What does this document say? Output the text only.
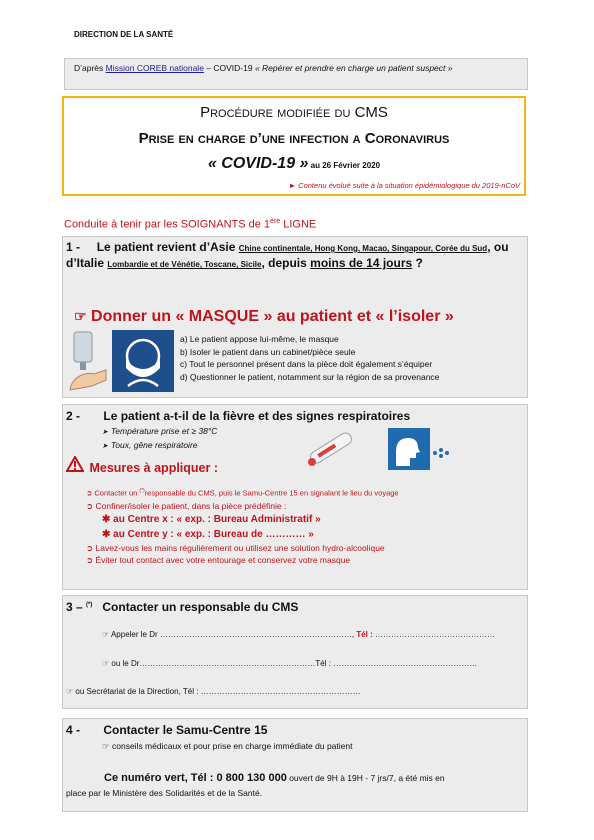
DIRECTION DE LA SANTÉ
D’après Mission COREB nationale – COVID-19 « Repérer et prendre en charge un patient suspect »
Procédure modifiée du CMS
Prise en charge d’une infection a Coronavirus
« COVID-19 » au 26 Février 2020
► Contenu évolué suite à la situation épidémiologique du 2019-nCoV
Conduite à tenir par les SOIGNANTS de 1ère LIGNE
1 - Le patient revient d’Asie Chine continentale, Hong Kong, Macao, Singapour, Corée du Sud, ou d’Italie Lombardie et de Vénétie, Toscane, Sicile, depuis moins de 14 jours ?
☞ Donner un « MASQUE » au patient et « l’isoler »
a) Le patient appose lui-même, le masque
b) Isoler le patient dans un cabinet/pièce seule
c) Tout le personnel présent dans la pièce doit également s’équiper
d) Questionner le patient, notamment sur la région de sa provenance
2 - Le patient a-t-il de la fièvre et des signes respiratoires
➤ Température prise et ≥ 38°C
➤ Toux, gêne respiratoire
Mesures à appliquer :
➲ Contacter un (*)responsable du CMS, puis le Samu-Centre 15 en signalant le lieu du voyage
➲ Confiner/isoler le patient, dans la pièce prédéfinie :
✱ au Centre x : « exp. : Bureau Administratif »
✱ au Centre y : « exp. : Bureau de ………… »
➲ Lavez-vous les mains régulièrement ou utilisez une solution hydro-alcoolique
➲ Éviter tout contact avec votre entourage et conservez votre masque
3 – (*) Contacter un responsable du CMS
☞ Appeler le Dr ………………………………………………………………, Tél : ………………………………………
☞ ou le Dr…………………………………………………………Tél : ………………………………………………
☞ ou Secrétariat de la Direction, Tél : ……………………………………………………
4 - Contacter le Samu-Centre 15
☞ conseils médicaux et pour prise en charge immédiate du patient
Ce numéro vert, Tél : 0 800 130 000 ouvert de 9H à 19H - 7 jrs/7, a été mis en
place par le Ministère des Solidarités et de la Santé.
